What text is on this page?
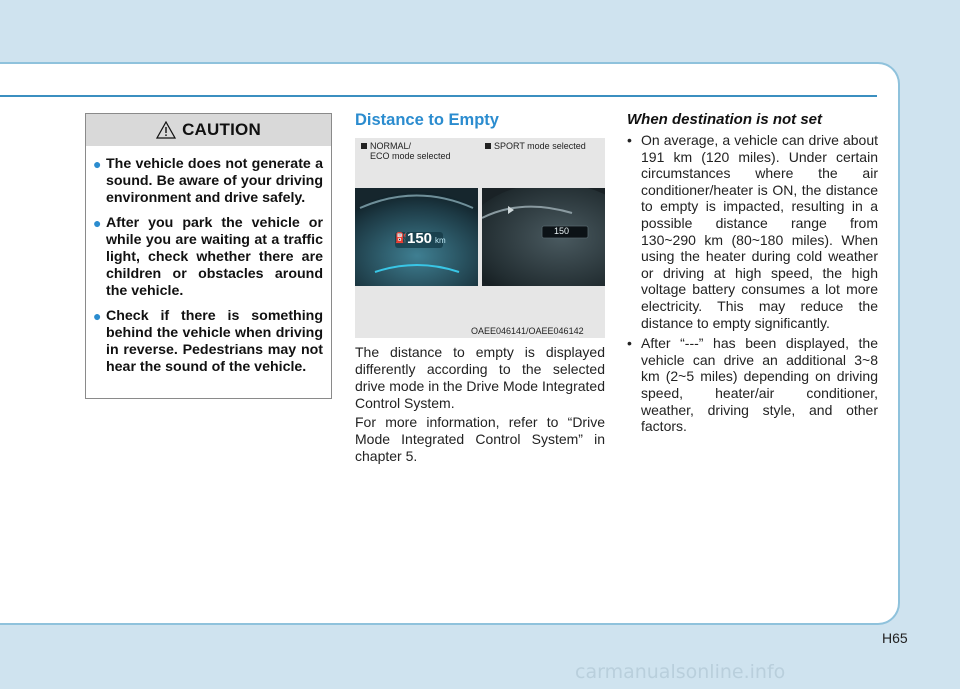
CAUTION
● The vehicle does not generate a sound. Be aware of your driving environment and drive safely.
● After you park the vehicle or while you are waiting at a traffic light, check whether there are children or obstacles around the vehicle.
● Check if there is something behind the vehicle when driving in reverse. Pedestrians may not hear the sound of the vehicle.
Distance to Empty
NORMAL/
ECO mode selected
SPORT mode selected
150 km
⛽
150
OAEE046141/OAEE046142

The distance to empty is displayed differently according to the selected drive mode in the Drive Mode Integrated Control System.

For more information, refer to “Drive Mode Integrated Control System” in chapter 5.

When destination is not set
• On average, a vehicle can drive about 191 km (120 miles). Under certain circumstances where the air conditioner/heater is ON, the distance to empty is impacted, resulting in a possible distance range from 130~290 km (80~180 miles). When using the heater during cold weather or driving at high speed, the high voltage battery consumes a lot more electricity. This may reduce the distance to empty significantly.
• After “---” has been displayed, the vehicle can drive an additional 3~8 km (2~5 miles) depending on driving speed, heater/air conditioner, weather, driving style, and other factors.
H65
carmanualsonline.info
